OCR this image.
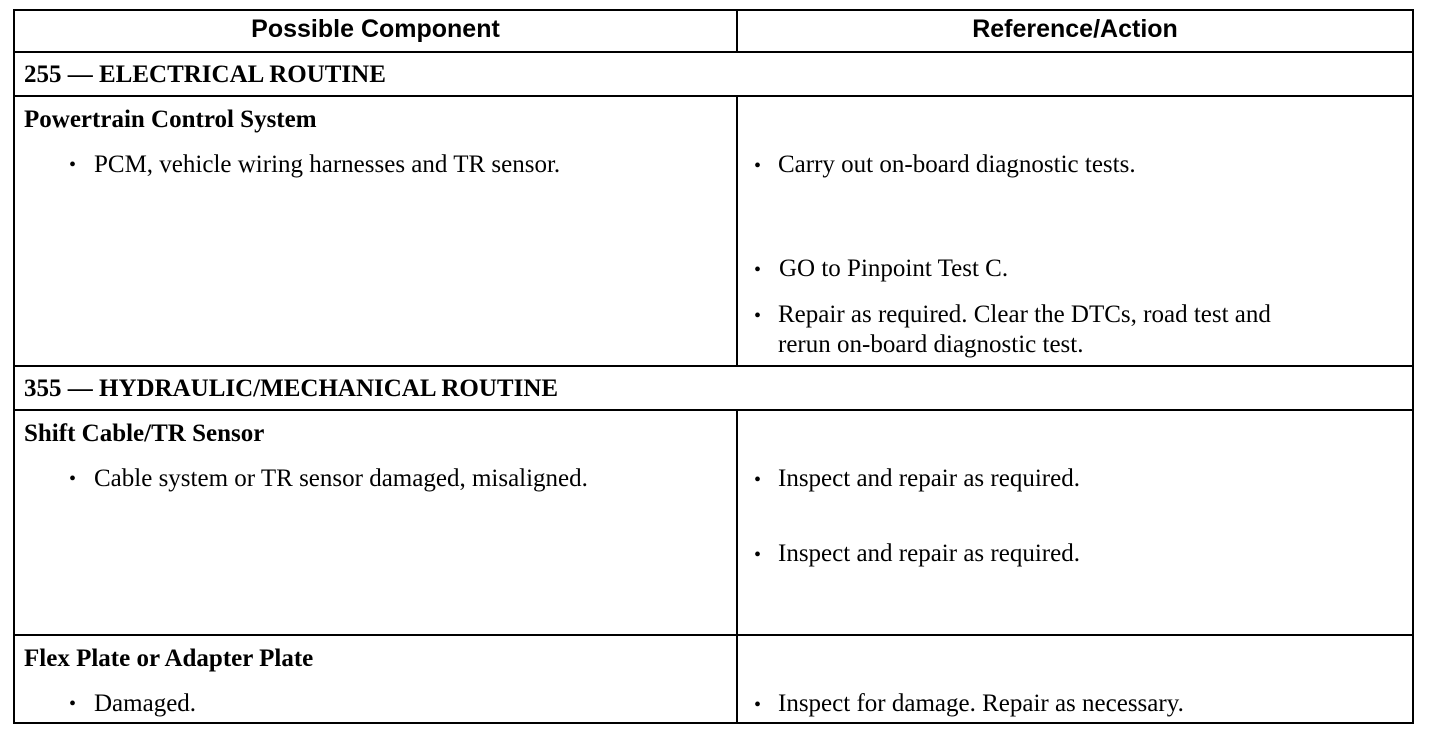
Possible Component	Reference/Action
255 — ELECTRICAL ROUTINE
Powertrain Control System
• PCM, vehicle wiring harnesses and TR sensor.	• Carry out on-board diagnostic tests.
• GO to Pinpoint Test C.
• Repair as required. Clear the DTCs, road test and
rerun on-board diagnostic test.
355 — HYDRAULIC/MECHANICAL ROUTINE
Shift Cable/TR Sensor
• Cable system or TR sensor damaged, misaligned.	• Inspect and repair as required.
• Inspect and repair as required.
Flex Plate or Adapter Plate
• Damaged.	• Inspect for damage. Repair as necessary.
